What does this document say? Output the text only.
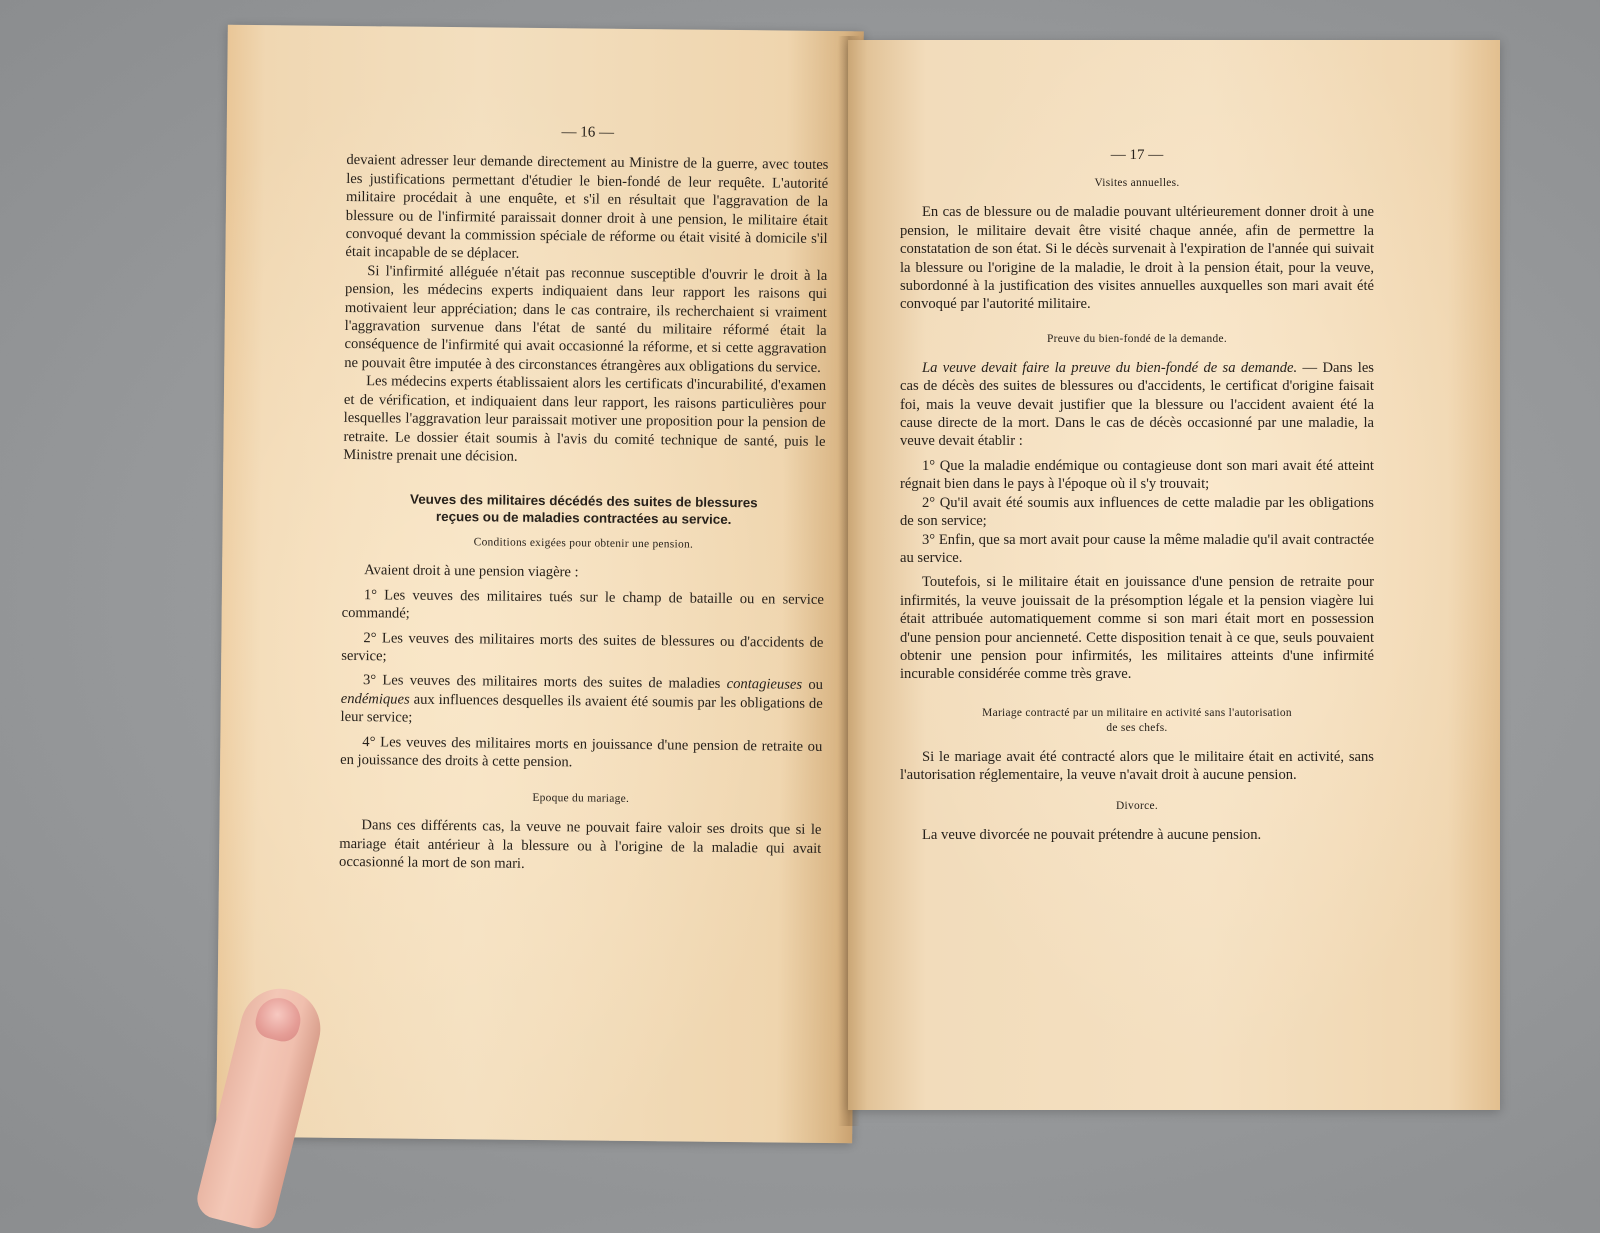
— 16 —

devaient adresser leur demande directement au Ministre de la guerre, avec toutes les justifications permettant d'étudier le bien-fondé de leur requête. L'autorité militaire procédait à une enquête, et s'il en résultait que l'aggravation de la blessure ou de l'infirmité paraissait donner droit à une pension, le militaire était convoqué devant la commission spéciale de réforme ou était visité à domicile s'il était incapable de se déplacer.

Si l'infirmité alléguée n'était pas reconnue susceptible d'ouvrir le droit à la pension, les médecins experts indiquaient dans leur rapport les raisons qui motivaient leur appréciation; dans le cas contraire, ils recherchaient si vraiment l'aggravation survenue dans l'état de santé du militaire réformé était la conséquence de l'infirmité qui avait occasionné la réforme, et si cette aggravation ne pouvait être imputée à des circonstances étrangères aux obligations du service.

Les médecins experts établissaient alors les certificats d'incurabilité, d'examen et de vérification, et indiquaient dans leur rapport, les raisons particulières pour lesquelles l'aggravation leur paraissait motiver une proposition pour la pension de retraite. Le dossier était soumis à l'avis du comité technique de santé, puis le Ministre prenait une décision.

Veuves des militaires décédés des suites de blessures
reçues ou de maladies contractées au service.
Conditions exigées pour obtenir une pension.

Avaient droit à une pension viagère :

1° Les veuves des militaires tués sur le champ de bataille ou en service commandé;

2° Les veuves des militaires morts des suites de blessures ou d'accidents de service;

3° Les veuves des militaires morts des suites de maladies contagieuses ou endémiques aux influences desquelles ils avaient été soumis par les obligations de leur service;

4° Les veuves des militaires morts en jouissance d'une pension de retraite ou en jouissance des droits à cette pension.

Epoque du mariage.

Dans ces différents cas, la veuve ne pouvait faire valoir ses droits que si le mariage était antérieur à la blessure ou à l'origine de la maladie qui avait occasionné la mort de son mari.

— 17 —
Visites annuelles.

En cas de blessure ou de maladie pouvant ultérieurement donner droit à une pension, le militaire devait être visité chaque année, afin de permettre la constatation de son état. Si le décès survenait à l'expiration de l'année qui suivait la blessure ou l'origine de la maladie, le droit à la pension était, pour la veuve, subordonné à la justification des visites annuelles auxquelles son mari avait été convoqué par l'autorité militaire.

Preuve du bien-fondé de la demande.

La veuve devait faire la preuve du bien-fondé de sa demande. — Dans les cas de décès des suites de blessures ou d'accidents, le certificat d'origine faisait foi, mais la veuve devait justifier que la blessure ou l'accident avaient été la cause directe de la mort. Dans le cas de décès occasionné par une maladie, la veuve devait établir :

1° Que la maladie endémique ou contagieuse dont son mari avait été atteint régnait bien dans le pays à l'époque où il s'y trouvait;

2° Qu'il avait été soumis aux influences de cette maladie par les obligations de son service;

3° Enfin, que sa mort avait pour cause la même maladie qu'il avait contractée au service.

Toutefois, si le militaire était en jouissance d'une pension de retraite pour infirmités, la veuve jouissait de la présomption légale et la pension viagère lui était attribuée automatiquement comme si son mari était mort en possession d'une pension pour ancienneté. Cette disposition tenait à ce que, seuls pouvaient obtenir une pension pour infirmités, les militaires atteints d'une infirmité incurable considérée comme très grave.

Mariage contracté par un militaire en activité sans l'autorisation
de ses chefs.

Si le mariage avait été contracté alors que le militaire était en activité, sans l'autorisation réglementaire, la veuve n'avait droit à aucune pension.

Divorce.

La veuve divorcée ne pouvait prétendre à aucune pension.
